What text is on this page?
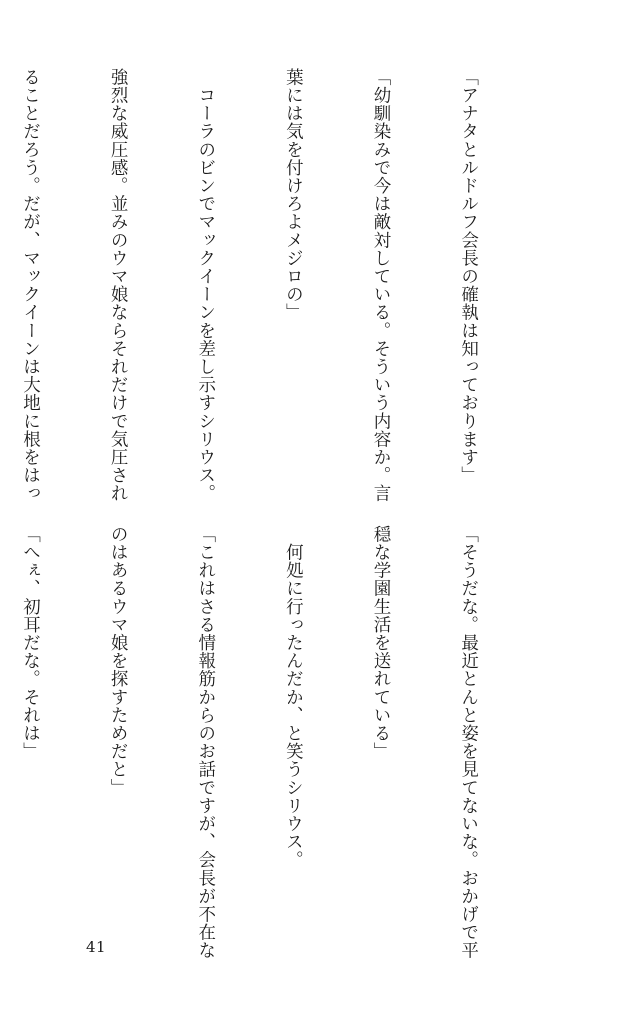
「アナタとルドルフ会長の確執は知っております」

「幼馴染みで今は敵対している。そういう内容か。言

葉には気を付けろよメジロの」

　コーラのビンでマックイーンを差し示すシリウス。

強烈な威圧感。並みのウマ娘ならそれだけで気圧され

ることだろう。だが、マックイーンは大地に根をはっ

「そうだな。最近とんと姿を見てないな。おかげで平

穏な学園生活を送れている」

　何処に行ったんだか、と笑うシリウス。

「これはさる情報筋からのお話ですが、会長が不在な

のはあるウマ娘を探すためだと」

「へぇ、初耳だな。それは」

41
